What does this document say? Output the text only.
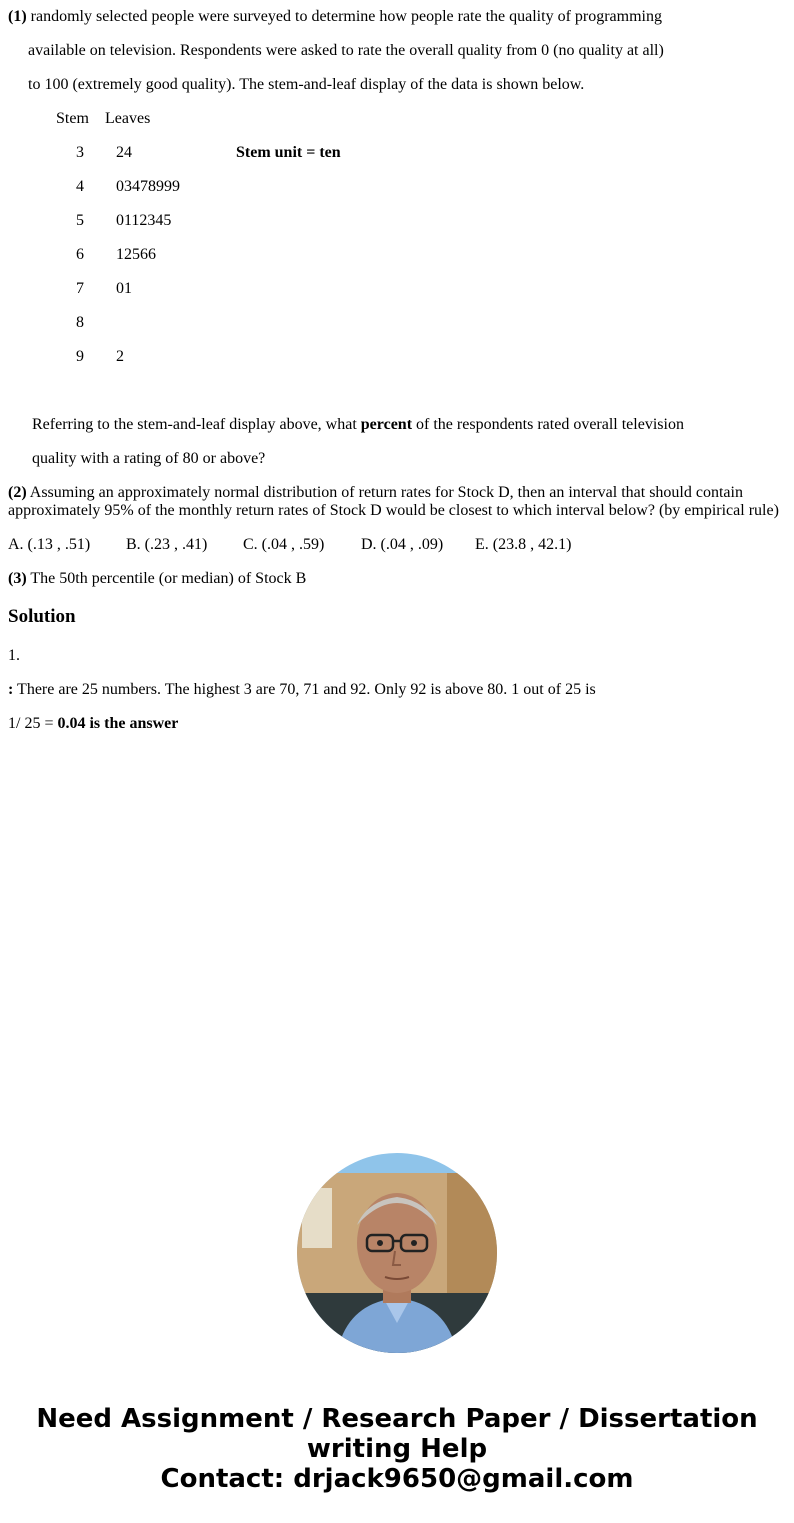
(1) randomly selected people were surveyed to determine how people rate the quality of programming
available on television. Respondents were asked to rate the overall quality from 0 (no quality at all)
to 100 (extremely good quality). The stem-and-leaf display of the data is shown below.
Stem Leaves
3 24	Stem unit = ten
4 03478999
5 0112345
6 12566
7 01
8
9 2
Referring to the stem-and-leaf display above, what percent of the respondents rated overall television
quality with a rating of 80 or above?
(2) Assuming an approximately normal distribution of return rates for Stock D, then an interval that should contain approximately 95% of the monthly return rates of Stock D would be closest to which interval below? (by empirical rule)
A. (.13 , .51) B. (.23 , .41) C. (.04 , .59) D. (.04 , .09) E. (23.8 , 42.1)
(3) The 50th percentile (or median) of Stock B
Solution
1.
: There are 25 numbers. The highest 3 are 70, 71 and 92. Only 92 is above 80. 1 out of 25 is
1/ 25 = 0.04 is the answer
Need Assignment / Research Paper / Dissertation
writing Help
Contact: drjack9650@gmail.com
